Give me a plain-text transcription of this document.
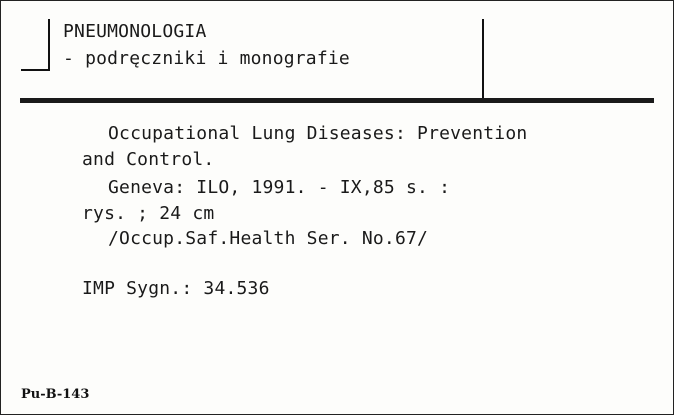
PNEUMONOLOGIA
- podręczniki i monografie
Occupational Lung Diseases: Prevention
and Control.
Geneva: ILO, 1991. - IX,85 s. :
rys. ; 24 cm
/Occup.Saf.Health Ser. No.67/
IMP Sygn.: 34.536
Pu-B-143
